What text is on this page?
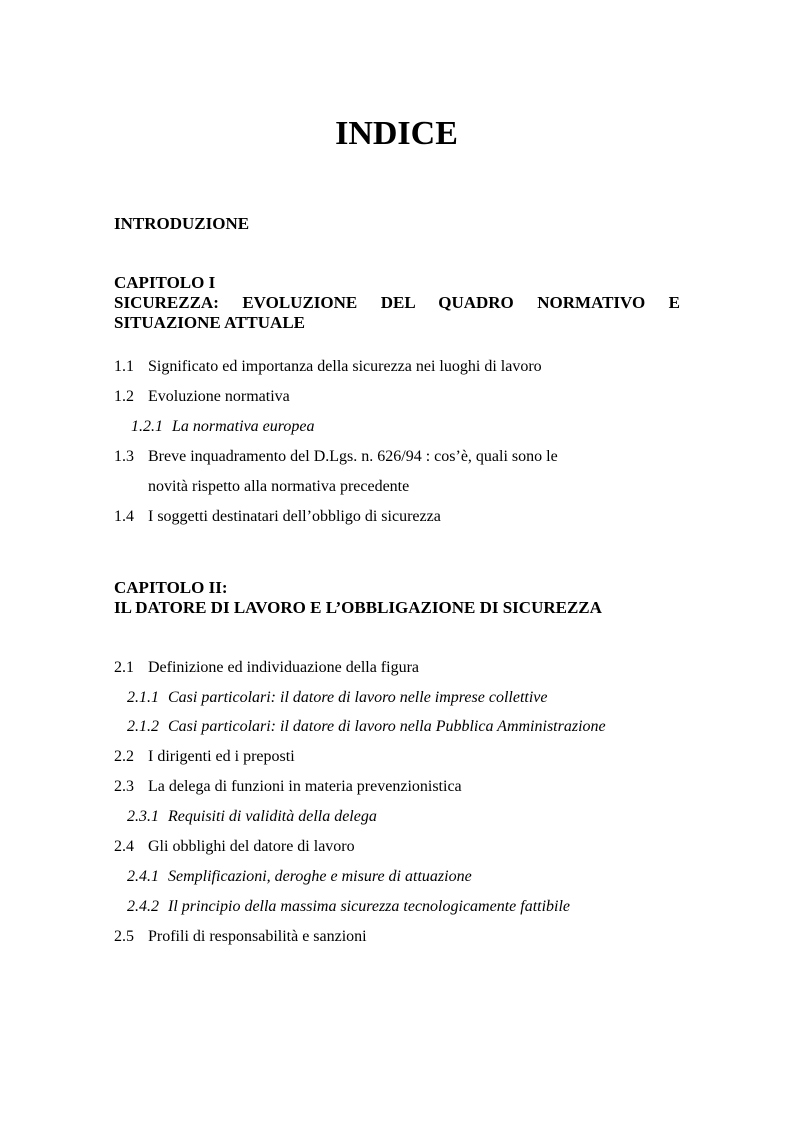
INDICE
INTRODUZIONE
CAPITOLO I
SICUREZZA: EVOLUZIONE DEL QUADRO NORMATIVO E
SITUAZIONE ATTUALE
1.1 Significato ed importanza della sicurezza nei luoghi di lavoro
1.2 Evoluzione normativa
1.2.1 La normativa europea
1.3 Breve inquadramento del D.Lgs. n. 626/94 : cos’è, quali sono le
novità rispetto alla normativa precedente
1.4 I soggetti destinatari dell’obbligo di sicurezza
CAPITOLO II:
IL DATORE DI LAVORO E L’OBBLIGAZIONE DI SICUREZZA
2.1 Definizione ed individuazione della figura
2.1.1 Casi particolari: il datore di lavoro nelle imprese collettive
2.1.2 Casi particolari: il datore di lavoro nella Pubblica Amministrazione
2.2 I dirigenti ed i preposti
2.3 La delega di funzioni in materia prevenzionistica
2.3.1 Requisiti di validità della delega
2.4 Gli obblighi del datore di lavoro
2.4.1 Semplificazioni, deroghe e misure di attuazione
2.4.2 Il principio della massima sicurezza tecnologicamente fattibile
2.5 Profili di responsabilità e sanzioni
